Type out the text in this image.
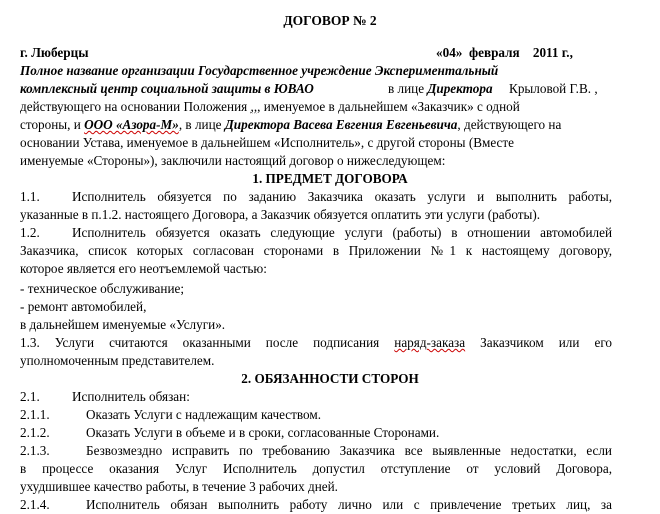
ДОГОВОР № 2
г. Люберцы	«04» февраля 2011 г.,
Полное название организации Государственное учреждение Экспериментальный
комплексный центр социальной защиты в ЮВАО	в лице Директора Крыловой Г.В. ,
действующего на основании Положения ,,, именуемое в дальнейшем «Заказчик» с одной
стороны, и ООО «Азора-М», в лице Директора Васева Евгения Евгеньевича, действующего на
основании Устава, именуемое в дальнейшем «Исполнитель», с другой стороны (Вместе
именуемые «Стороны»), заключили настоящий договор о нижеследующем:
1. ПРЕДМЕТ ДОГОВОРА
1.1. Исполнитель обязуется по заданию Заказчика оказать услуги и выполнить работы,
указанные в п.1.2. настоящего Договора, а Заказчик обязуется оплатить эти услуги (работы).
1.2. Исполнитель обязуется оказать следующие услуги (работы) в отношении автомобилей
Заказчика, список которых согласован сторонами в Приложении №1 к настоящему договору,
которое является его неотъемлемой частью:
- техническое обслуживание;
- ремонт автомобилей,
в дальнейшем именуемые «Услуги».
1.3. Услуги считаются оказанными после подписания наряд-заказа Заказчиком или его
уполномоченным представителем.
2. ОБЯЗАННОСТИ СТОРОН
2.1. Исполнитель обязан:
2.1.1.	Оказать Услуги с надлежащим качеством.
2.1.2.	Оказать Услуги в объеме и в сроки, согласованные Сторонами.
2.1.3.	Безвозмездно исправить по требованию Заказчика все выявленные недостатки, если
в процессе оказания Услуг Исполнитель допустил отступление от условий Договора,
ухудшившее качество работы, в течение 3 рабочих дней.
2.1.4.	Исполнитель обязан выполнить работу лично или с привлечение третьих лиц, за
